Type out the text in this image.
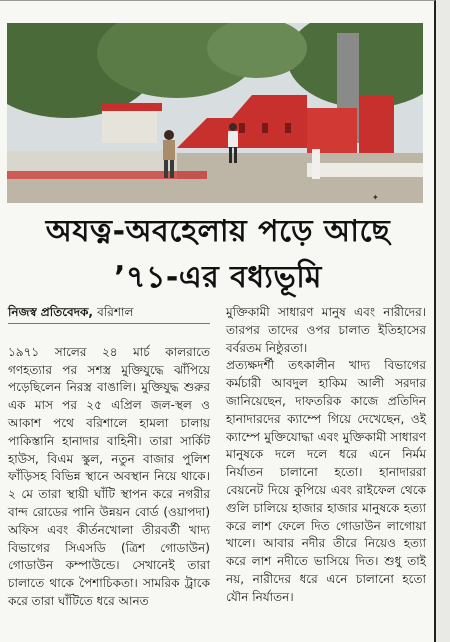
✦
অযত্ন-অবহেলায় পড়ে আছে
’৭১-এর বধ্যভূমি

নিজস্ব প্রতিবেদক, বরিশাল

১৯৭১ সালের ২৪ মার্চ কালরাতে গণহত্যার পর সশস্ত্র মুক্তিযুদ্ধে ঝাঁপিয়ে পড়েছিলেন নিরস্ত্র বাঙালি। মুক্তিযুদ্ধ শুরুর এক মাস পর ২৫ এপ্রিল জল-স্থল ও আকাশ পথে বরিশালে হামলা চালায় পাকিস্তানি হানাদার বাহিনী। তারা সার্কিট হাউস, বিএম স্কুল, নতুন বাজার পুলিশ ফাঁড়িসহ বিভিন্ন স্থানে অবস্থান নিয়ে থাকে। ২ মে তারা স্থায়ী ঘাঁটি স্থাপন করে নগরীর বান্দ রোডের পানি উন্নয়ন বোর্ড (ওয়াপদা) অফিস এবং কীর্তনখোলা তীরবর্তী খাদ্য বিভাগের সিএসডি (ত্রিশ গোডাউন) গোডাউন কম্পাউন্ডে। সেখানেই তারা চালাতে থাকে পৈশাচিকতা। সামরিক ট্রাকে করে তারা ঘাঁটিতে ধরে আনত

মুক্তিকামী সাধারণ মানুষ এবং নারীদের। তারপর তাদের ওপর চালাত ইতিহাসের বর্বরতম নিষ্ঠুরতা।

প্রত্যক্ষদর্শী তৎকালীন খাদ্য বিভাগের কর্মচারী আবদুল হাকিম আলী সরদার জানিয়েছেন, দাফতরিক কাজে প্রতিদিন হানাদারদের ক্যাম্পে গিয়ে দেখেছেন, ওই ক্যাম্পে মুক্তিযোদ্ধা এবং মুক্তিকামী সাধারণ মানুষকে দলে দলে ধরে এনে নির্মম নির্যাতন চালানো হতো। হানাদাররা বেয়নেট দিয়ে কুপিয়ে এবং রাইফেল থেকে গুলি চালিয়ে হাজার হাজার মানুষকে হত্যা করে লাশ ফেলে দিত গোডাউন লাগোয়া খালে। আবার নদীর তীরে নিয়েও হত্যা করে লাশ নদীতে ভাসিয়ে দিত। শুধু তাই নয়, নারীদের ধরে এনে চালানো হতো যৌন নির্যাতন।
